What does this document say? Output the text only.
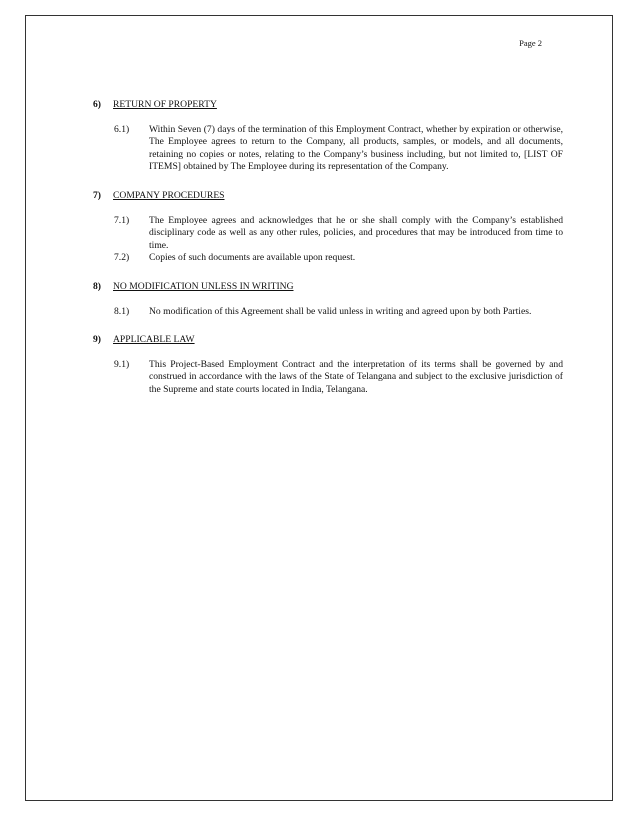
Page 2
6)	RETURN OF PROPERTY
6.1)	Within Seven (7) days of the termination of this Employment Contract, whether by expiration or otherwise, The Employee agrees to return to the Company, all products, samples, or models, and all documents, retaining no copies or notes, relating to the Company’s business including, but not limited to, [LIST OF ITEMS] obtained by The Employee during its representation of the Company.
7)	COMPANY PROCEDURES
7.1)	The Employee agrees and acknowledges that he or she shall comply with the Company’s established disciplinary code as well as any other rules, policies, and procedures that may be introduced from time to time.
7.2)	Copies of such documents are available upon request.
8)	NO MODIFICATION UNLESS IN WRITING
8.1)	No modification of this Agreement shall be valid unless in writing and agreed upon by both Parties.
9)	APPLICABLE LAW
9.1)	This Project-Based Employment Contract and the interpretation of its terms shall be governed by and construed in accordance with the laws of the State of Telangana and subject to the exclusive jurisdiction of the Supreme and state courts located in India, Telangana.
